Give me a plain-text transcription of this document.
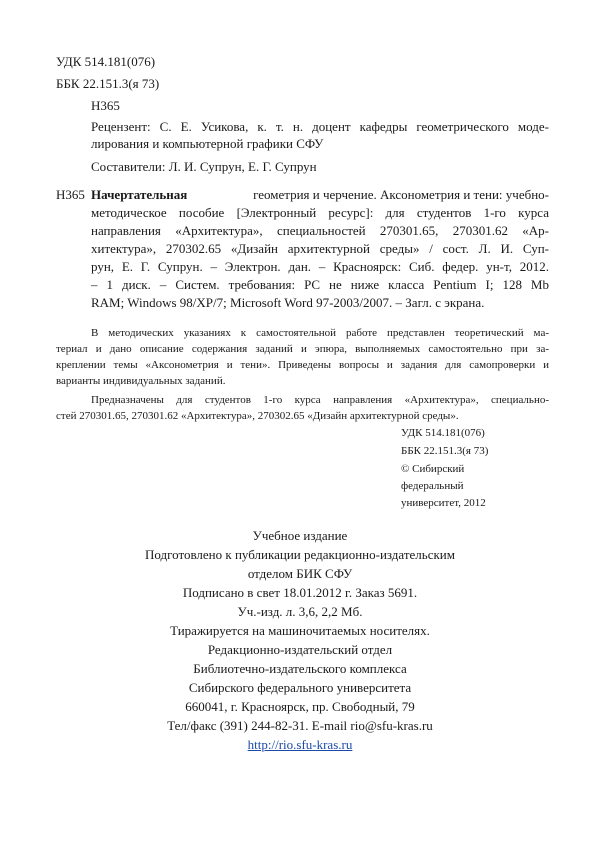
УДК 514.181(076)
ББК 22.151.3(я 73)
Н365
Рецензент: С. Е. Усикова, к. т. н. доцент кафедры геометрического моде-
лирования и компьютерной графики СФУ
Составители: Л. И. Супрун, Е. Г. Супрун
Н365 Начертательная	геометрия и черчение. Аксонометрия и тени: учебно-
методическое пособие [Электронный ресурс]: для студентов 1-го курса
направления «Архитектура», специальностей 270301.65, 270301.62 «Ар-
хитектура», 270302.65 «Дизайн архитектурной среды» / сост. Л. И. Суп-
рун, Е. Г. Супрун. – Электрон. дан. – Красноярск: Сиб. федер. ун-т, 2012.
– 1 диск. – Систем. требования: PC не ниже класса Pentium I; 128 Mb
RAM; Windows 98/XP/7; Microsoft Word 97-2003/2007. – Загл. с экрана.
В методических указаниях к самостоятельной работе представлен теоретический ма-
териал и дано описание содержания заданий и эпюра, выполняемых самостоятельно при за-
креплении темы «Аксонометрия и тени». Приведены вопросы и задания для самопроверки и
варианты индивидуальных заданий.
Предназначены для студентов 1-го курса направления «Архитектура», специально-
стей 270301.65, 270301.62 «Архитектура», 270302.65 «Дизайн архитектурной среды».
УДК 514.181(076)
ББК 22.151.3(я 73)
© Сибирский
федеральный
университет, 2012
Учебное издание
Подготовлено к публикации редакционно-издательским
отделом БИК СФУ
Подписано в свет 18.01.2012 г. Заказ 5691.
Уч.-изд. л. 3,6, 2,2 Мб.
Тиражируется на машиночитаемых носителях.
Редакционно-издательский отдел
Библиотечно-издательского комплекса
Сибирского федерального университета
660041, г. Красноярск, пр. Свободный, 79
Тел/факс (391) 244-82-31. E-mail rio@sfu-kras.ru
http://rio.sfu-kras.ru
